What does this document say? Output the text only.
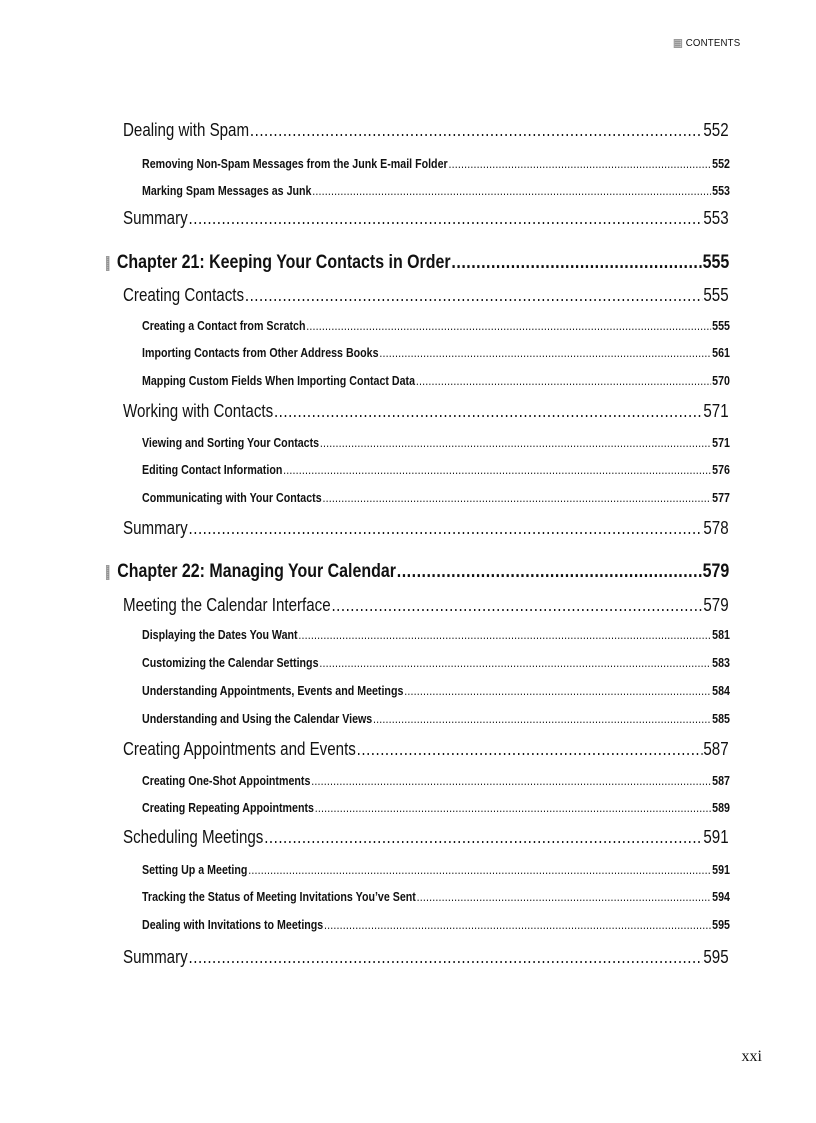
CONTENTS
Dealing with Spam .....	552
Removing Non-Spam Messages from the Junk E-mail Folder .....	552
Marking Spam Messages as Junk .....	553
Summary .....	553
Chapter 21: Keeping Your Contacts in Order .....	555
Creating Contacts .....	555
Creating a Contact from Scratch .....	555
Importing Contacts from Other Address Books .....	561
Mapping Custom Fields When Importing Contact Data .....	570
Working with Contacts .....	571
Viewing and Sorting Your Contacts .....	571
Editing Contact Information .....	576
Communicating with Your Contacts .....	577
Summary .....	578
Chapter 22: Managing Your Calendar .....	579
Meeting the Calendar Interface .....	579
Displaying the Dates You Want .....	581
Customizing the Calendar Settings .....	583
Understanding Appointments, Events and Meetings .....	584
Understanding and Using the Calendar Views .....	585
Creating Appointments and Events .....	587
Creating One-Shot Appointments .....	587
Creating Repeating Appointments .....	589
Scheduling Meetings .....	591
Setting Up a Meeting .....	591
Tracking the Status of Meeting Invitations You’ve Sent .....	594
Dealing with Invitations to Meetings .....	595
Summary .....	595
xxi
